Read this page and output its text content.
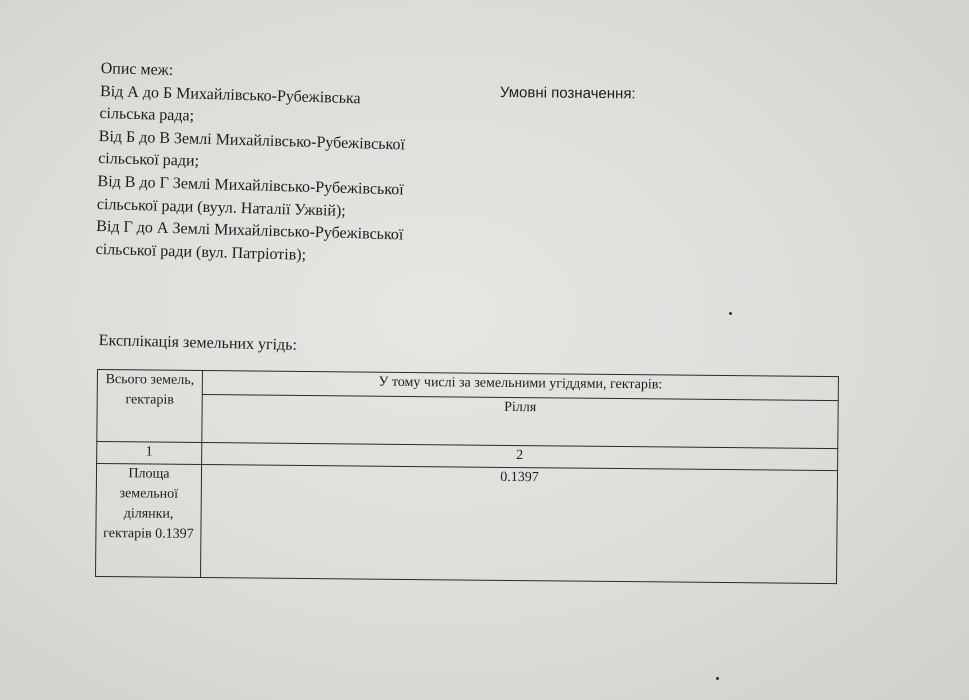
Опис меж:
Від А до Б Михайлівсько-Рубежівська
сільська рада;
Від Б до В Землі Михайлівсько-Рубежівської
сільської ради;
Від В до Г Землі Михайлівсько-Рубежівської
сільської ради (вуул. Наталії Ужвій);
Від Г до А Землі Михайлівсько-Рубежівської
сільської ради (вул. Патріотів);
Умовні позначення:
Експлікація земельних угідь:
Всього земель, гектарів	У тому числі за земельними угіддями, гектарів:
	Рілля
1	2
Площа земельної ділянки, гектарів 0.1397	0.1397
